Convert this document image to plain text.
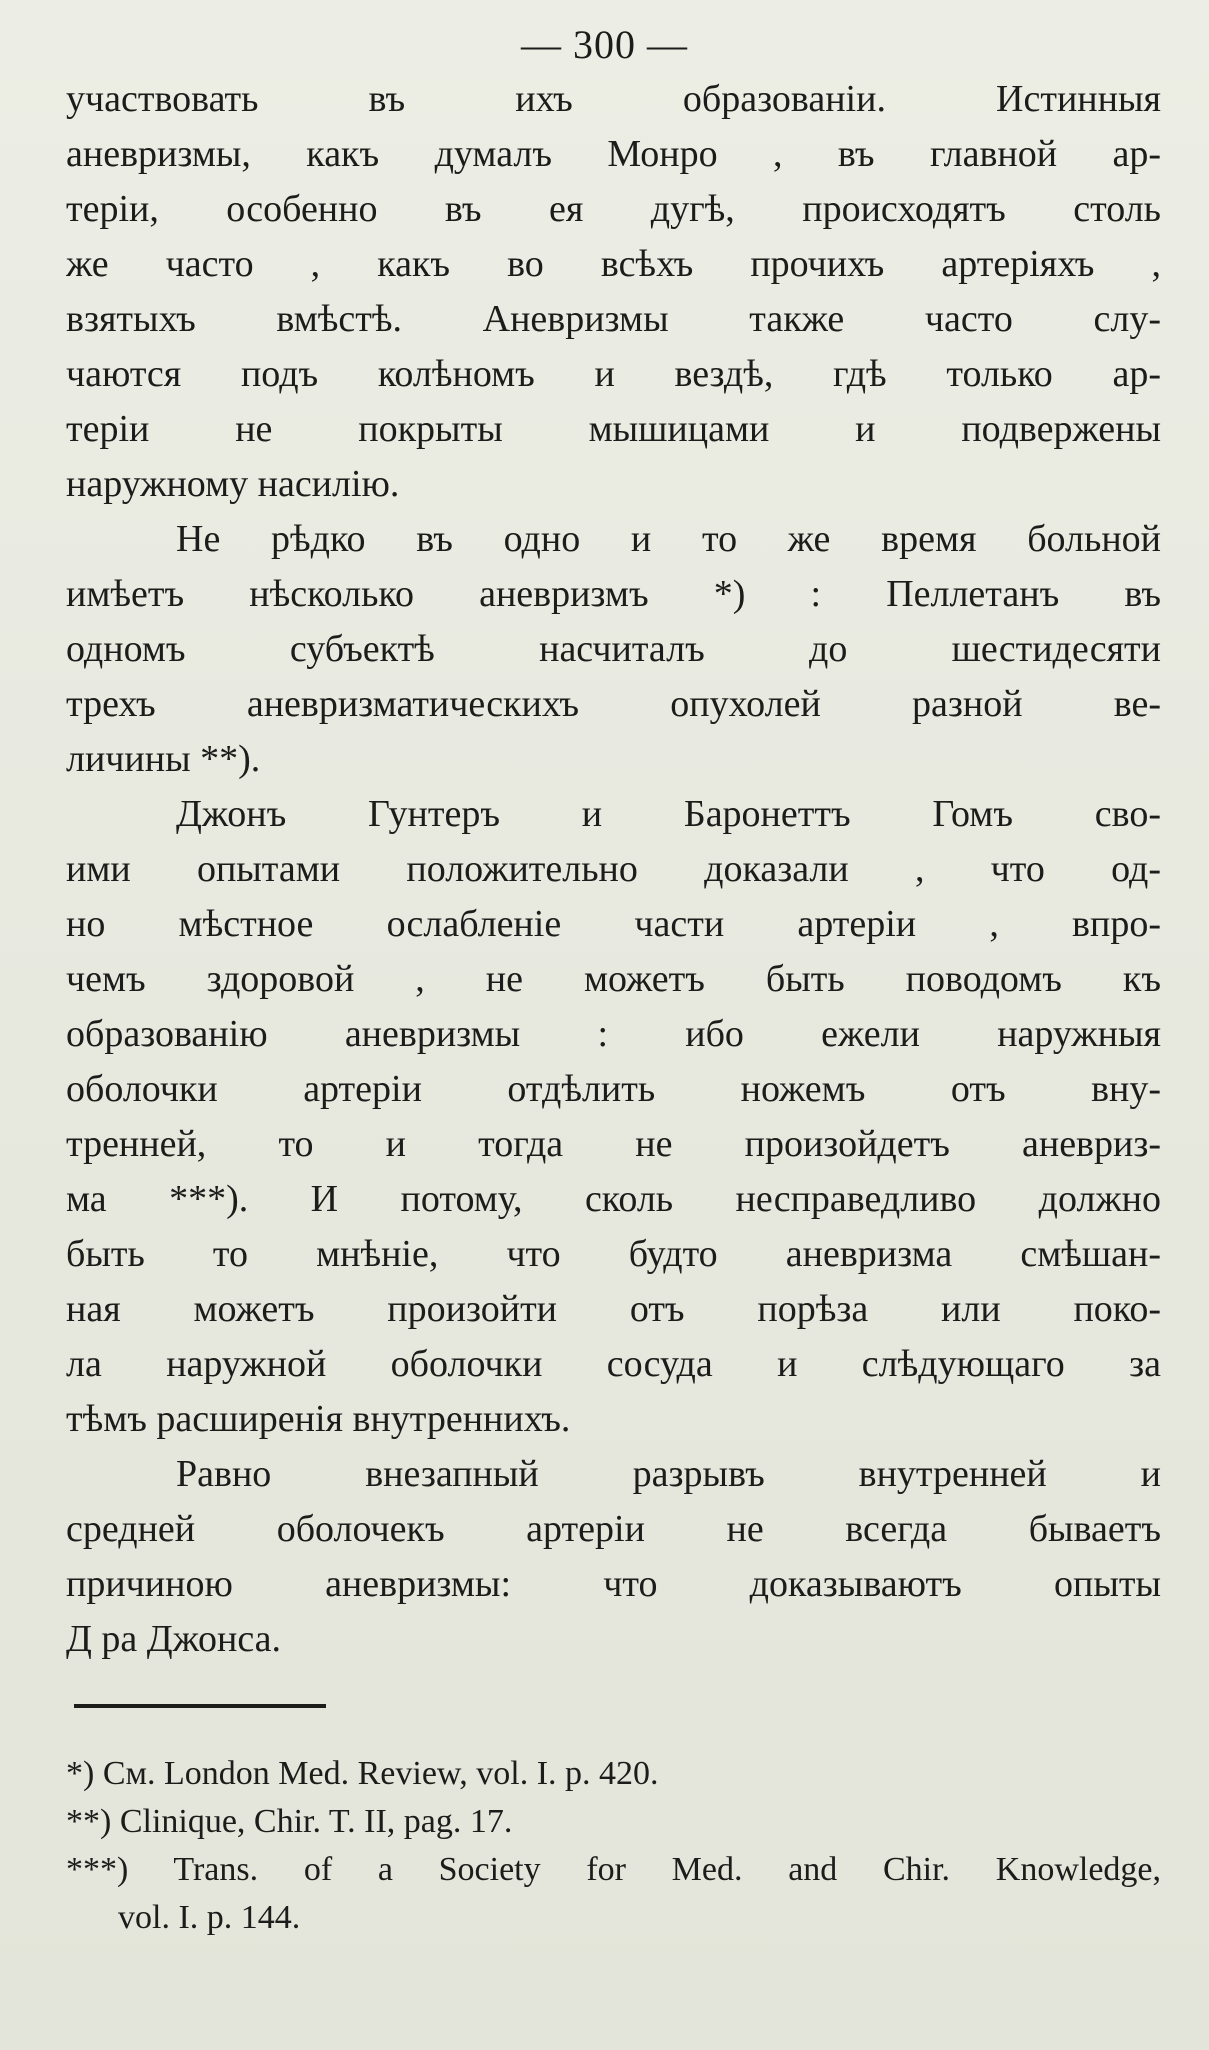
— 300 —
участвовать въ ихъ образованіи. Истинныя
аневризмы, какъ думалъ Монро , въ главной ар-
теріи, особенно въ ея дугѣ, происходятъ столь
же часто , какъ во всѣхъ прочихъ артеріяхъ ,
взятыхъ вмѣстѣ. Аневризмы также часто слу-
чаются подъ колѣномъ и вездѣ, гдѣ только ар-
теріи не покрыты мышицами и подвержены
наружному насилію.
Не рѣдко въ одно и то же время больной
имѣетъ нѣсколько аневризмъ *) : Пеллетанъ въ
одномъ субъектѣ насчиталъ до шестидесяти
трехъ аневризматическихъ опухолей разной ве-
личины **).
Джонъ Гунтеръ и Баронеттъ Гомъ сво-
ими опытами положительно доказали , что од-
но мѣстное ослабленіе части артеріи , впро-
чемъ здоровой , не можетъ быть поводомъ къ
образованію аневризмы : ибо ежели наружныя
оболочки артеріи отдѣлить ножемъ отъ вну-
тренней, то и тогда не произойдетъ аневриз-
ма ***). И потому, сколь несправедливо должно
быть то мнѣніе, что будто аневризма смѣшан-
ная можетъ произойти отъ порѣза или поко-
ла наружной оболочки сосуда и слѣдующаго за
тѣмъ расширенія внутреннихъ.
Равно внезапный разрывъ внутренней и
средней оболочекъ артеріи не всегда бываетъ
причиною аневризмы: что доказываютъ опыты
Д ра Джонса.
*) См. London Med. Review, vol. I. p. 420.
**) Clinique, Chir. T. II, pag. 17.
***) Trans. of a Society for Med. and Chir. Knowledge,
vol. I. p. 144.
